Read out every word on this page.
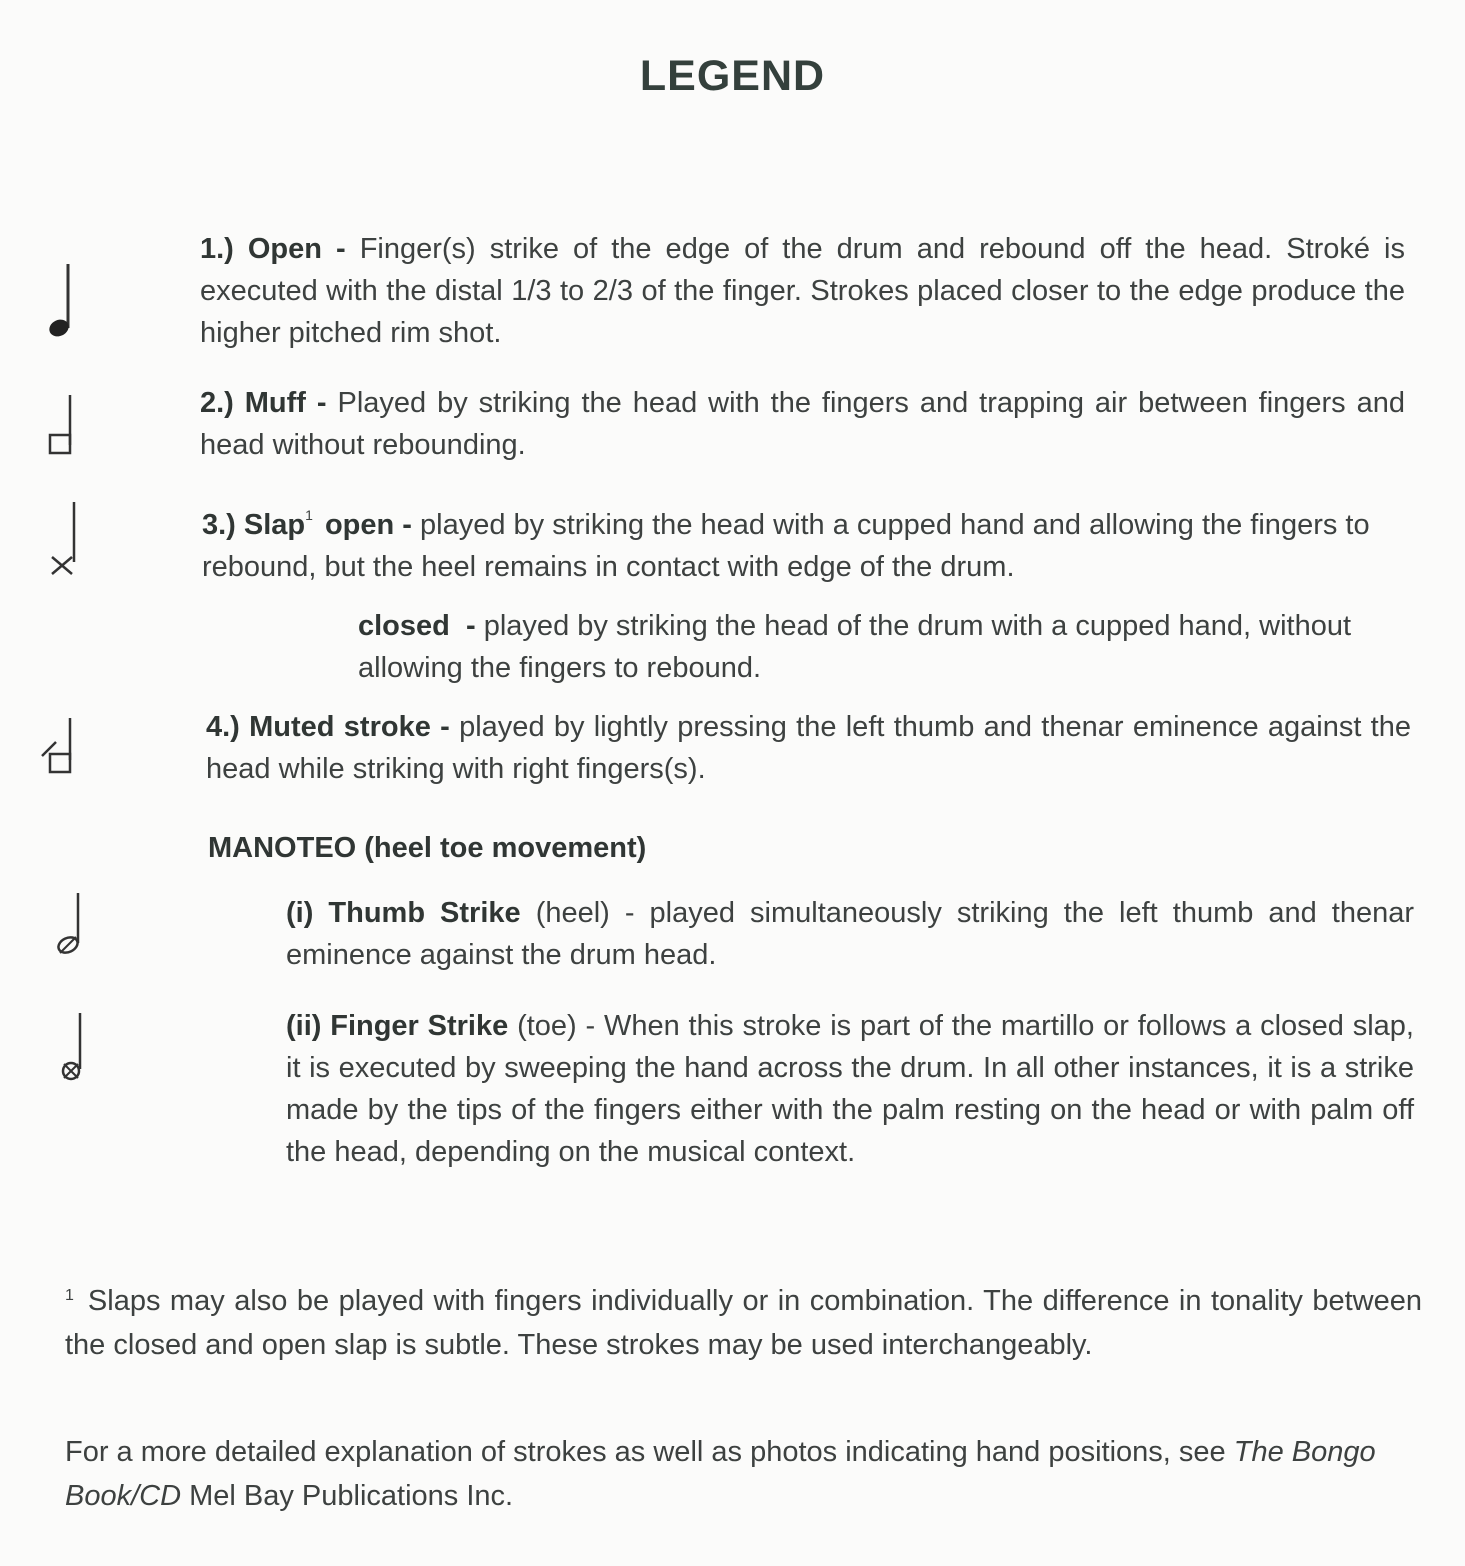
LEGEND
1.) Open - Finger(s) strike of the edge of the drum and rebound off the head. Stroké is executed with the distal 1/3 to 2/3 of the finger. Strokes placed closer to the edge produce the higher pitched rim shot.
2.) Muff - Played by striking the head with the fingers and trapping air between fingers and head without rebounding.
3.) Slap$^1$ open - played by striking the head with a cupped hand and allowing the fingers to rebound, but the heel remains in contact with edge of the drum.
closed - played by striking the head of the drum with a cupped hand, without allowing the fingers to rebound.
4.) Muted stroke - played by lightly pressing the left thumb and thenar eminence against the head while striking with right fingers(s).
MANOTEO (heel toe movement)
(i) Thumb Strike (heel) - played simultaneously striking the left thumb and thenar eminence against the drum head.
(ii) Finger Strike (toe) - When this stroke is part of the martillo or follows a closed slap, it is executed by sweeping the hand across the drum. In all other instances, it is a strike made by the tips of the fingers either with the palm resting on the head or with palm off the head, depending on the musical context.
$^1$ Slaps may also be played with fingers individually or in combination. The difference in tonality between the closed and open slap is subtle. These strokes may be used interchangeably.
For a more detailed explanation of strokes as well as photos indicating hand positions, see The Bongo Book/CD Mel Bay Publications Inc.
